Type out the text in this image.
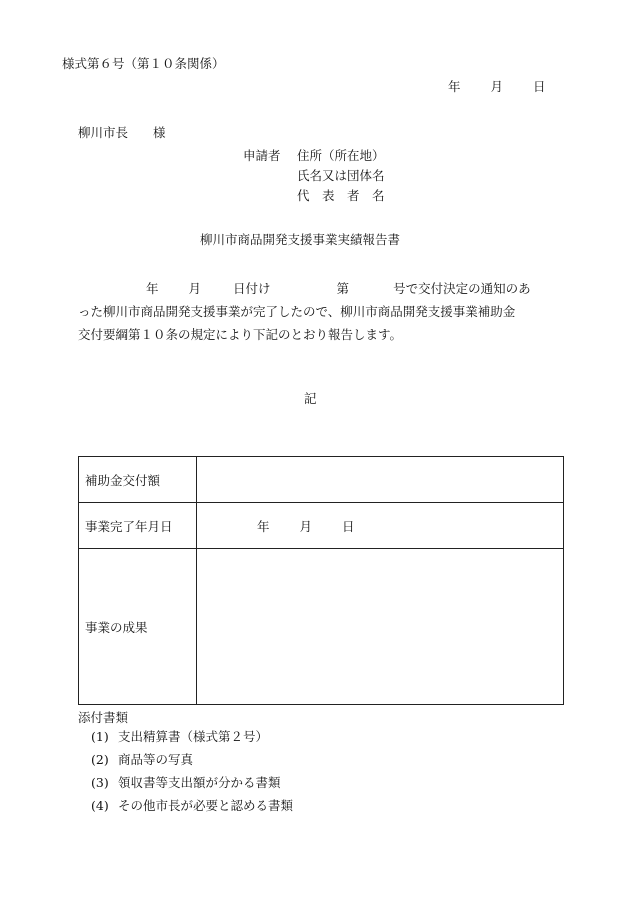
様式第６号（第１０条関係）
年 月 日
柳川市長　　様
申請者 住所（所在地）
氏名又は団体名
代　表　者　名
柳川市商品開発支援事業実績報告書
年 月	日付け	第	号で交付決定の通知のあ
った柳川市商品開発支援事業が完了したので、柳川市商品開発支援事業補助金
交付要綱第１０条の規定により下記のとおり報告します。
記
補助金交付額	
事業完了年月日	年 月 日
事業の成果	
添付書類
(1) 支出精算書（様式第２号）
(2) 商品等の写真
(3) 領収書等支出額が分かる書類
(4) その他市長が必要と認める書類
